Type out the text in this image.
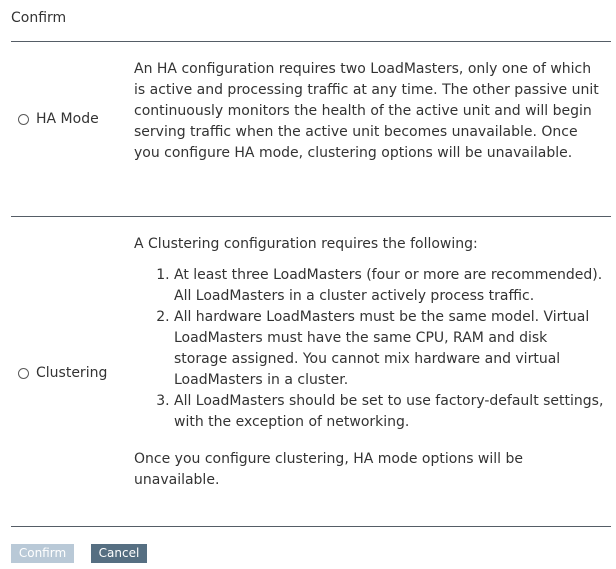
Confirm
HA Mode

An HA configuration requires two LoadMasters, only one of which is active and processing traffic at any time. The other passive unit continuously monitors the health of the active unit and will begin serving traffic when the active unit becomes unavailable. Once you configure HA mode, clustering options will be unavailable.

Clustering

A Clustering configuration requires the following:

1. At least three LoadMasters (four or more are recommended). All LoadMasters in a cluster actively process traffic.
2. All hardware LoadMasters must be the same model. Virtual LoadMasters must have the same CPU, RAM and disk storage assigned. You cannot mix hardware and virtual LoadMasters in a cluster.
3. All LoadMasters should be set to use factory-default settings, with the exception of networking.

Once you configure clustering, HA mode options will be unavailable.

Confirm	Cancel
